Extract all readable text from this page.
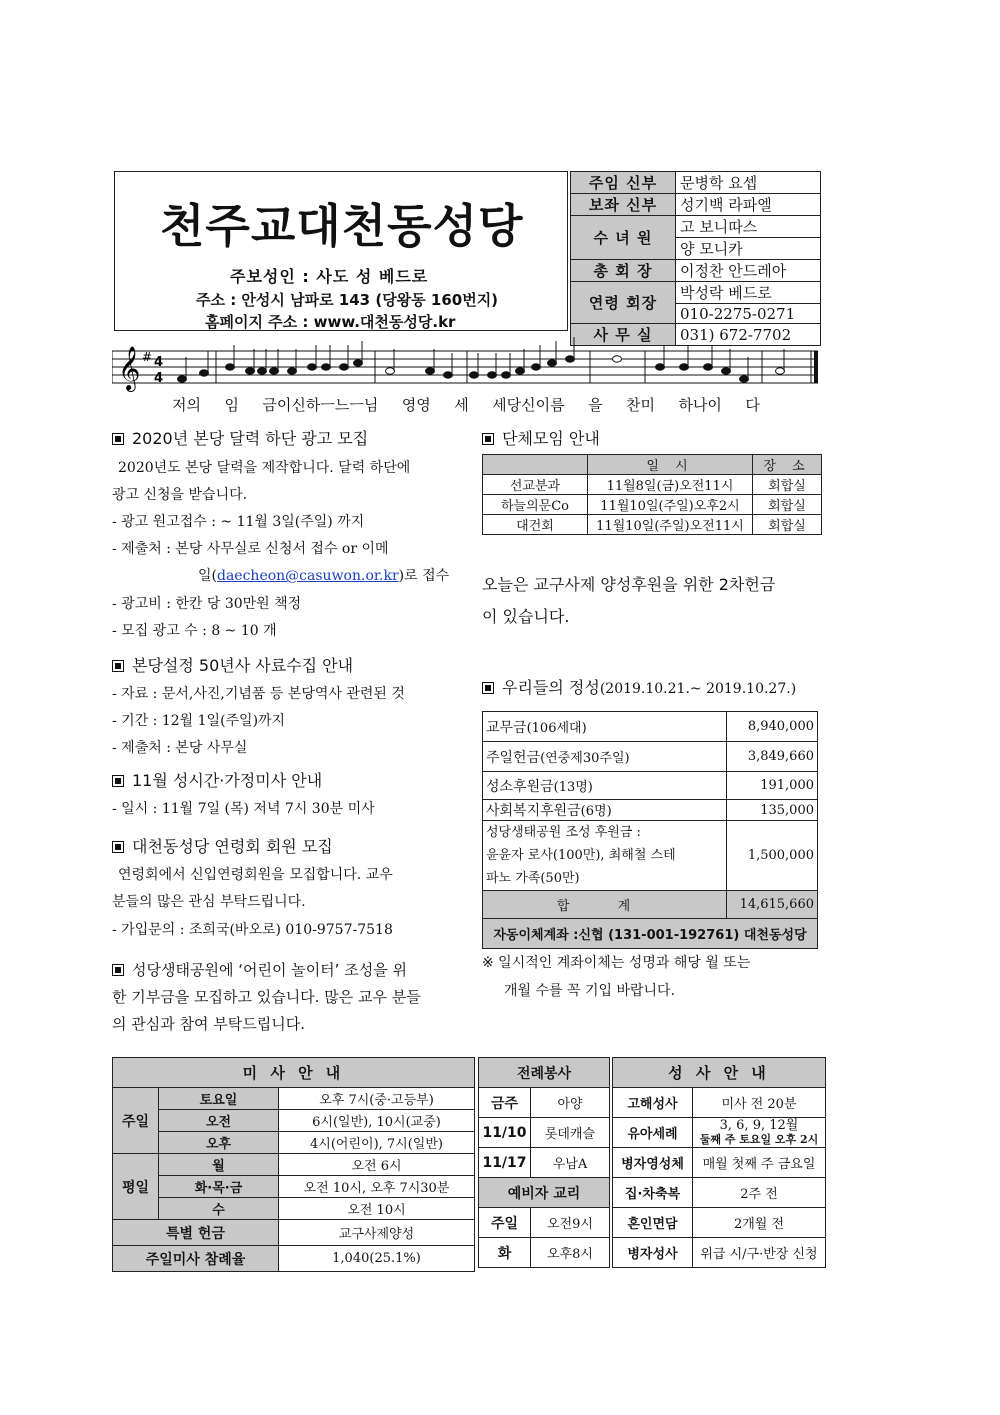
천주교대천동성당
주보성인 : 사도 성 베드로
주소 : 안성시 남파로 143 (당왕동 160번지)
홈페이지 주소 : www.대천동성당.kr
주임 신부	문병학 요셉
보좌 신부	성기백 라파엘
수 녀 원	고 보니따스
	양 모니카
총 회 장	이정찬 안드레아
연령 회장	박성락 베드로
	010-2275-0271
사 무 실	031) 672-7702
𝄞 # 4
4
저의 임 금이신하ㅡ느ㅡ님 영영 세 세당신이름 을 찬미 하나이 다
2020년 본당 달력 하단 광고 모집
2020년도 본당 달력을 제작합니다. 달력 하단에
광고 신청을 받습니다.
- 광고 원고접수 : ~ 11월 3일(주일) 까지
- 제출처 : 본당 사무실로 신청서 접수 or 이메
일(daecheon@casuwon.or.kr)로 접수
- 광고비 : 한칸 당 30만원 책정
- 모집 광고 수 : 8 ~ 10 개
본당설정 50년사 사료수집 안내
- 자료 : 문서,사진,기념품 등 본당역사 관련된 것
- 기간 : 12월 1일(주일)까지
- 제출처 : 본당 사무실
11월 성시간·가정미사 안내
- 일시 : 11월 7일 (목) 저녁 7시 30분 미사
대천동성당 연령회 회원 모집
연령회에서 신입연령회원을 모집합니다. 교우
분들의 많은 관심 부탁드립니다.
- 가입문의 : 조희국(바오로) 010-9757-7518
성당생태공원에 ‘어린이 놀이터’ 조성을 위
한 기부금을 모집하고 있습니다. 많은 교우 분들
의 관심과 참여 부탁드립니다.
단체모임 안내
	일 시	장 소
선교분과	11월8일(금)오전11시	회합실
하늘의문Co	11월10일(주일)오후2시	회합실
대건회	11월10일(주일)오전11시	회합실
오늘은 교구사제 양성후원을 위한 2차헌금
이 있습니다.
우리들의 정성(2019.10.21.~ 2019.10.27.)
교무금(106세대)	8,940,000
주일헌금(연중제30주일)	3,849,660
성소후원금(13명)	191,000
사회복지후원금(6명)	135,000

성당생태공원 조성 후원금 :
윤윤자 로사(100만), 최해철 스테
파노 가족(50만)	1,500,000
합 계	14,615,660
자동이체계좌 :신협 (131-001-192761) 대천동성당	
※ 일시적인 계좌이체는 성명과 해당 월 또는
개월 수를 꼭 기입 바랍니다.
미 사 안 내		
주일	토요일	오후 7시(중·고등부)
	오전	6시(일반), 10시(교중)
	오후	4시(어린이), 7시(일반)
평일	월	오전 6시
	화·목·금	오전 10시, 오후 7시30분
	수	오전 10시
특별 헌금		교구사제양성
주일미사 참례율		1,040(25.1%)
전례봉사	
금주	아양
11/10	롯데캐슬
11/17	우남A
예비자 교리	
주일	오전9시
화	오후8시
성 사 안 내	
고해성사	미사 전 20분
유아세례	3, 6, 9, 12월
둘째 주 토요일 오후 2시

병자영성체	매월 첫째 주 금요일
집·차축복	2주 전
혼인면담	2개월 전
병자성사	위급 시/구·반장 신청
